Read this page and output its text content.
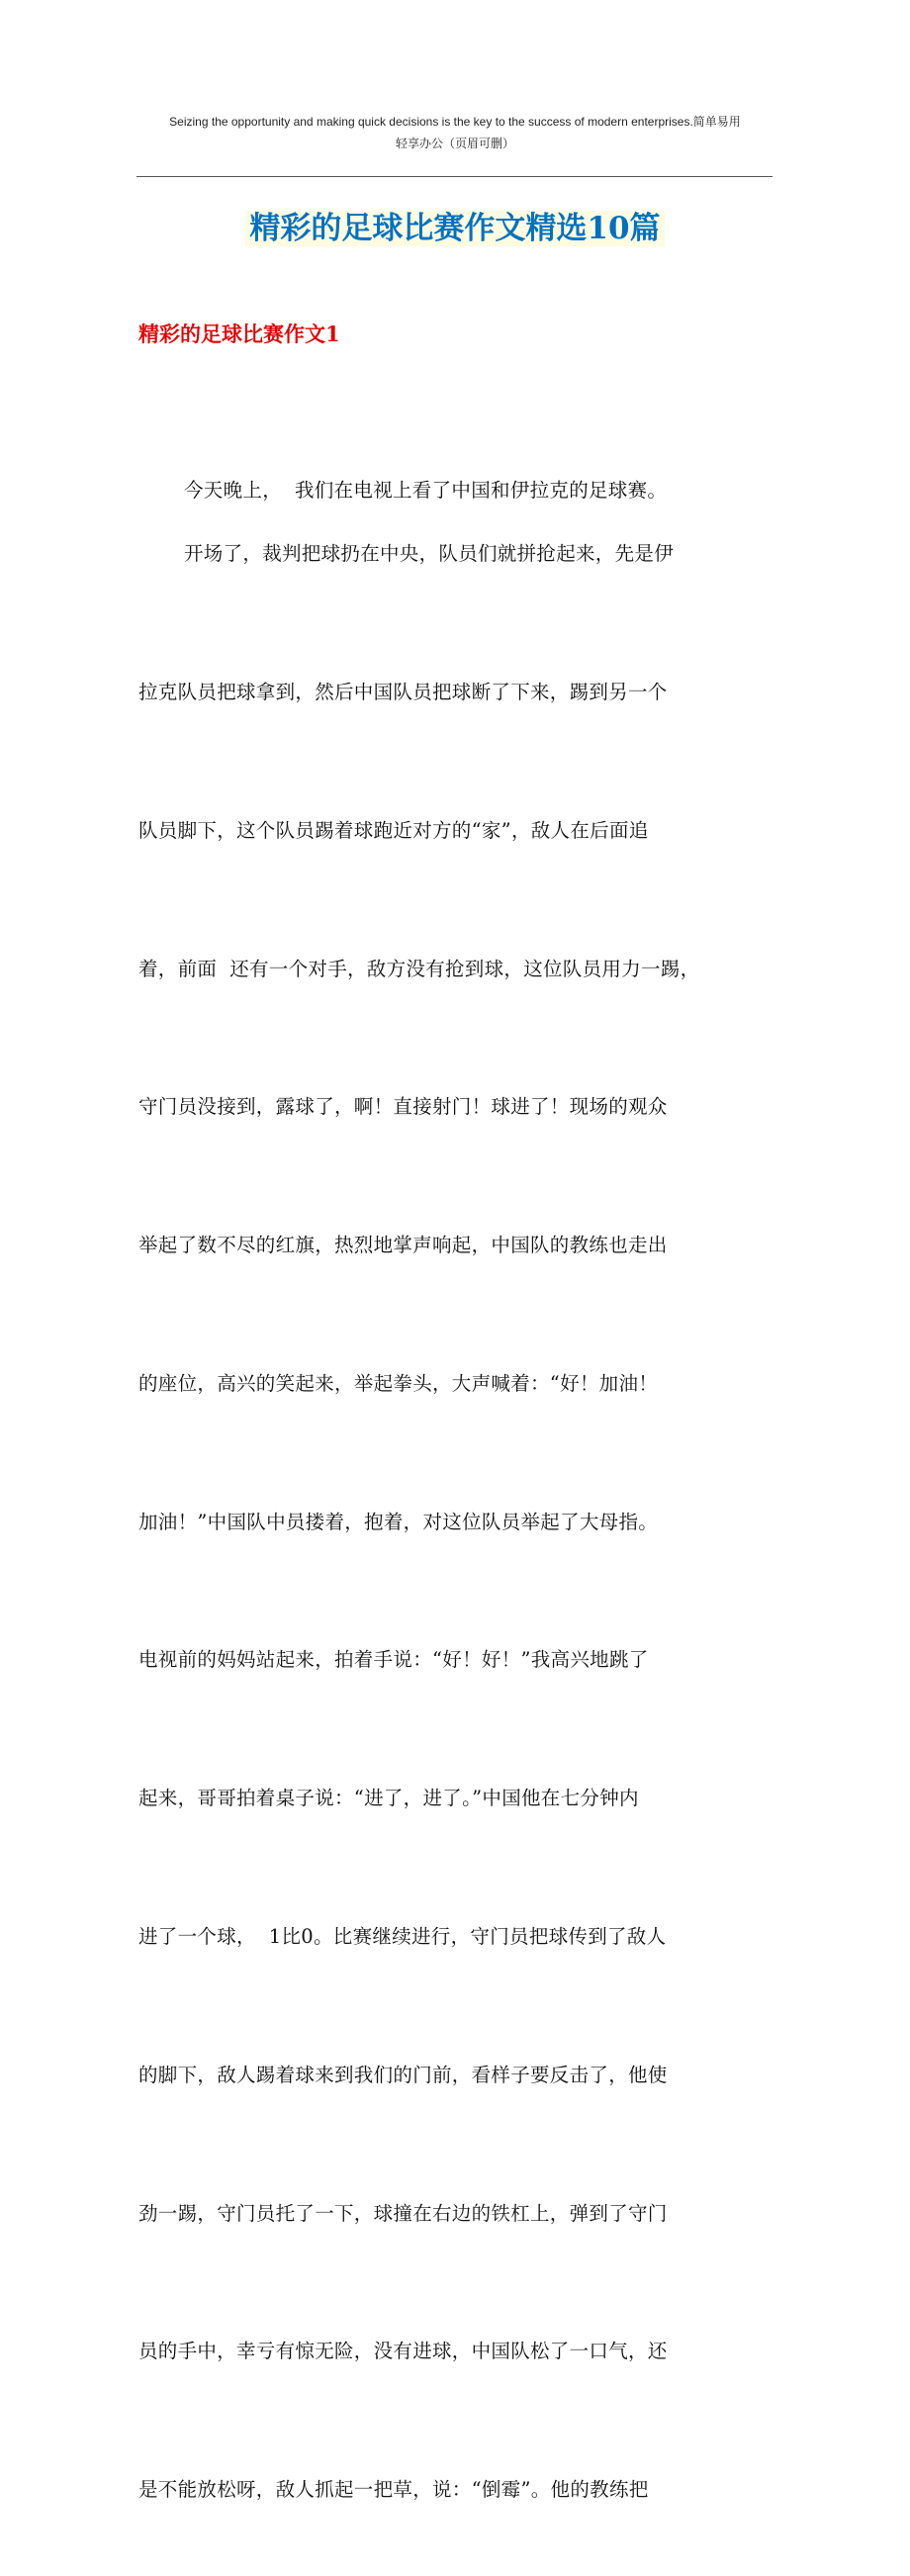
Seizing the opportunity and making quick decisions is the key to the success of modern enterprises.简单易用
轻享办公（页眉可删）
精彩的足球比赛作文精选10篇
精彩的足球比赛作文1

今天晚上，  我们在电视上看了中国和伊拉克的足球赛。

开场了，裁判把球扔在中央，队员们就拼抢起来，先是伊

拉克队员把球拿到，然后中国队员把球断了下来，踢到另一个

队员脚下，这个队员踢着球跑近对方的“家”，敌人在后面追

着，前面  还有一个对手，敌方没有抢到球，这位队员用力一踢，

守门员没接到，露球了，啊！直接射门！球进了！现场的观众

举起了数不尽的红旗，热烈地掌声响起，中国队的教练也走出

的座位，高兴的笑起来，举起拳头，大声喊着：“好！加油！

加油！”中国队中员搂着，抱着，对这位队员举起了大母指。

电视前的妈妈站起来，拍着手说：“好！好！”我高兴地跳了

起来，哥哥拍着桌子说：“进了，进了。”中国他在七分钟内

进了一个球，  1比0。比赛继续进行，守门员把球传到了敌人

的脚下，敌人踢着球来到我们的门前，看样子要反击了，他使

劲一踢，守门员托了一下，球撞在右边的铁杠上，弹到了守门

员的手中，幸亏有惊无险，没有进球，中国队松了一口气，还

是不能放松呀，敌人抓起一把草，说：“倒霉”。他的教练把
